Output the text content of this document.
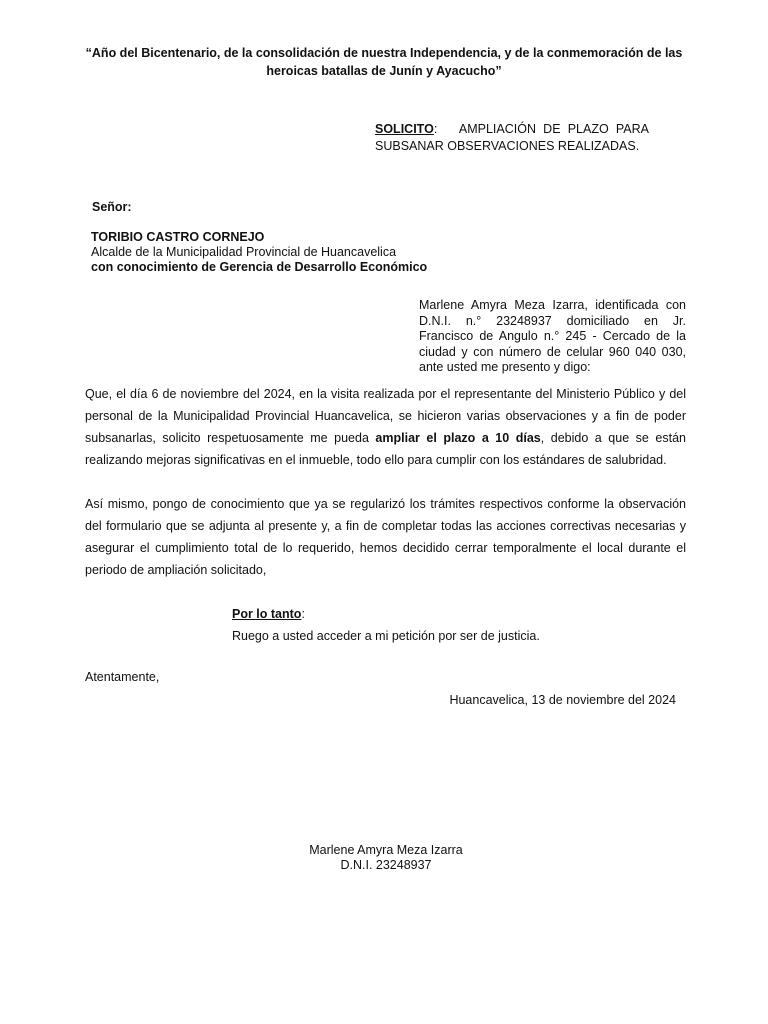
“Año del Bicentenario, de la consolidación de nuestra Independencia, y de la conmemoración de las
heroicas batallas de Junín y Ayacucho”
SOLICITO: AMPLIACIÓN DE PLAZO PARA SUBSANAR OBSERVACIONES REALIZADAS.
Señor:
TORIBIO CASTRO CORNEJO
Alcalde de la Municipalidad Provincial de Huancavelica
con conocimiento de Gerencia de Desarrollo Económico
Marlene Amyra Meza Izarra, identificada con D.N.I. n.° 23248937 domiciliado en Jr. Francisco de Angulo n.° 245 - Cercado de la ciudad y con número de celular 960 040 030, ante usted me presento y digo:
Que, el día 6 de noviembre del 2024, en la visita realizada por el representante del Ministerio Público y del personal de la Municipalidad Provincial Huancavelica, se hicieron varias observaciones y a fin de poder subsanarlas, solicito respetuosamente me pueda ampliar el plazo a 10 días, debido a que se están realizando mejoras significativas en el inmueble, todo ello para cumplir con los estándares de salubridad.
Así mismo, pongo de conocimiento que ya se regularizó los trámites respectivos conforme la observación del formulario que se adjunta al presente y, a fin de completar todas las acciones correctivas necesarias y asegurar el cumplimiento total de lo requerido, hemos decidido cerrar temporalmente el local durante el periodo de ampliación solicitado,
Por lo tanto:
Ruego a usted acceder a mi petición por ser de justicia.
Atentamente,
Huancavelica, 13 de noviembre del 2024
Marlene Amyra Meza Izarra
D.N.I. 23248937
